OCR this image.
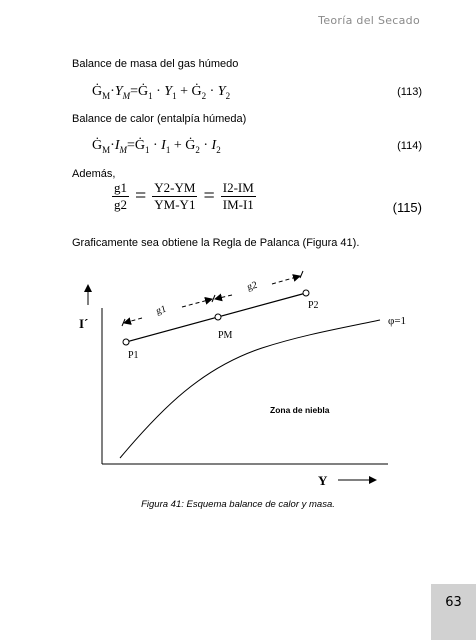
Teoría del Secado
Balance de masa del gas húmedo
$Ġ_M\cdot Y_M=Ġ_1 \cdot Y_1$ + $Ġ_2 \cdot Y_2$	(113)
Balance de calor (entalpía húmeda)
$Ġ_M\cdot I_M=Ġ_1 \cdot I_1$ + $Ġ_2 \cdot I_2$	(114)
Además,
$\frac{g1}{g2} = \frac{Y2-YM}{YM-Y1} = \frac{I2-IM}{IM-I1}$	(115)
Graficamente sea obtiene la Regla de Palanca (Figura 41).
I´
Y
φ=1
P1
PM
P2
g1
g2
Zona de niebla
Figura 41: Esquema balance de calor y masa.
63
